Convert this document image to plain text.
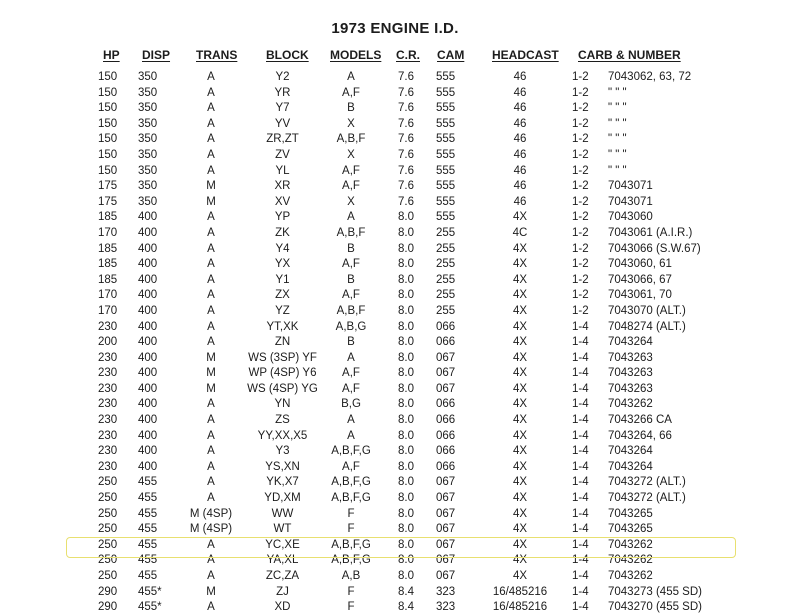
1973 ENGINE I.D.
HP DISP TRANS BLOCK MODELS C.R. CAM HEADCAST CARB & NUMBER
150	350	A	Y2	A	7.6	555	46	1-2	7043062, 63, 72
150	350	A	YR	A,F	7.6	555	46	1-2	" " "
150	350	A	Y7	B	7.6	555	46	1-2	" " "
150	350	A	YV	X	7.6	555	46	1-2	" " "
150	350	A	ZR,ZT	A,B,F	7.6	555	46	1-2	" " "
150	350	A	ZV	X	7.6	555	46	1-2	" " "
150	350	A	YL	A,F	7.6	555	46	1-2	" " "
175	350	M	XR	A,F	7.6	555	46	1-2	7043071
175	350	M	XV	X	7.6	555	46	1-2	7043071
185	400	A	YP	A	8.0	555	4X	1-2	7043060
170	400	A	ZK	A,B,F	8.0	255	4C	1-2	7043061 (A.I.R.)
185	400	A	Y4	B	8.0	255	4X	1-2	7043066 (S.W.67)
185	400	A	YX	A,F	8.0	255	4X	1-2	7043060, 61
185	400	A	Y1	B	8.0	255	4X	1-2	7043066, 67
170	400	A	ZX	A,F	8.0	255	4X	1-2	7043061, 70
170	400	A	YZ	A,B,F	8.0	255	4X	1-2	7043070 (ALT.)
230	400	A	YT,XK	A,B,G	8.0	066	4X	1-4	7048274 (ALT.)
200	400	A	ZN	B	8.0	066	4X	1-4	7043264
230	400	M	WS (3SP) YF	A	8.0	067	4X	1-4	7043263
230	400	M	WP (4SP) Y6	A,F	8.0	067	4X	1-4	7043263
230	400	M	WS (4SP) YG	A,F	8.0	067	4X	1-4	7043263
230	400	A	YN	B,G	8.0	066	4X	1-4	7043262
230	400	A	ZS	A	8.0	066	4X	1-4	7043266 CA
230	400	A	YY,XX,X5	A	8.0	066	4X	1-4	7043264, 66
230	400	A	Y3	A,B,F,G	8.0	066	4X	1-4	7043264
230	400	A	YS,XN	A,F	8.0	066	4X	1-4	7043264
250	455	A	YK,X7	A,B,F,G	8.0	067	4X	1-4	7043272 (ALT.)
250	455	A	YD,XM	A,B,F,G	8.0	067	4X	1-4	7043272 (ALT.)
250	455	M (4SP)	WW	F	8.0	067	4X	1-4	7043265
250	455	M (4SP)	WT	F	8.0	067	4X	1-4	7043265
250	455	A	YC,XE	A,B,F,G	8.0	067	4X	1-4	7043262
250	455	A	YA,XL	A,B,F,G	8.0	067	4X	1-4	7043262
250	455	A	ZC,ZA	A,B	8.0	067	4X	1-4	7043262
290	455*	M	ZJ	F	8.4	323	16/485216	1-4	7043273 (455 SD)
290	455*	A	XD	F	8.4	323	16/485216	1-4	7043270 (455 SD)
